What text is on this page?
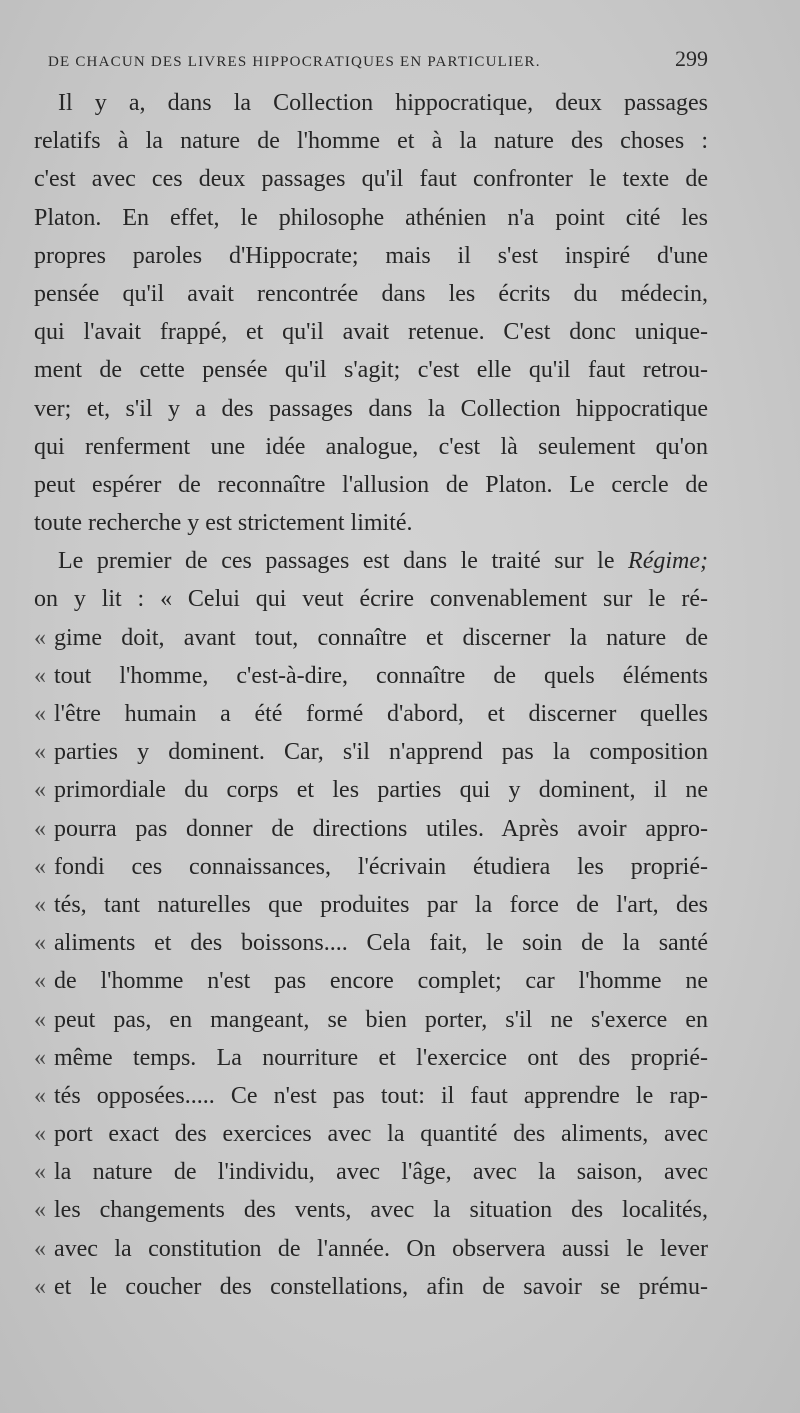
DE CHACUN DES LIVRES HIPPOCRATIQUES EN PARTICULIER.	299
Il y a, dans la Collection hippocratique, deux passages
relatifs à la nature de l'homme et à la nature des choses :
c'est avec ces deux passages qu'il faut confronter le texte de
Platon. En effet, le philosophe athénien n'a point cité les
propres paroles d'Hippocrate; mais il s'est inspiré d'une
pensée qu'il avait rencontrée dans les écrits du médecin,
qui l'avait frappé, et qu'il avait retenue. C'est donc unique-
ment de cette pensée qu'il s'agit; c'est elle qu'il faut retrou-
ver; et, s'il y a des passages dans la Collection hippocratique
qui renferment une idée analogue, c'est là seulement qu'on
peut espérer de reconnaître l'allusion de Platon. Le cercle de
toute recherche y est strictement limité.
Le premier de ces passages est dans le traité sur le Régime;
on y lit : « Celui qui veut écrire convenablement sur le ré-
« gime doit, avant tout, connaître et discerner la nature de
« tout l'homme, c'est-à-dire, connaître de quels éléments
« l'être humain a été formé d'abord, et discerner quelles
« parties y dominent. Car, s'il n'apprend pas la composition
« primordiale du corps et les parties qui y dominent, il ne
« pourra pas donner de directions utiles. Après avoir appro-
« fondi ces connaissances, l'écrivain étudiera les proprié-
« tés, tant naturelles que produites par la force de l'art, des
« aliments et des boissons.... Cela fait, le soin de la santé
« de l'homme n'est pas encore complet; car l'homme ne
« peut pas, en mangeant, se bien porter, s'il ne s'exerce en
« même temps. La nourriture et l'exercice ont des proprié-
« tés opposées..... Ce n'est pas tout: il faut apprendre le rap-
« port exact des exercices avec la quantité des aliments, avec
« la nature de l'individu, avec l'âge, avec la saison, avec
« les changements des vents, avec la situation des localités,
« avec la constitution de l'année. On observera aussi le lever
« et le coucher des constellations, afin de savoir se prému-
